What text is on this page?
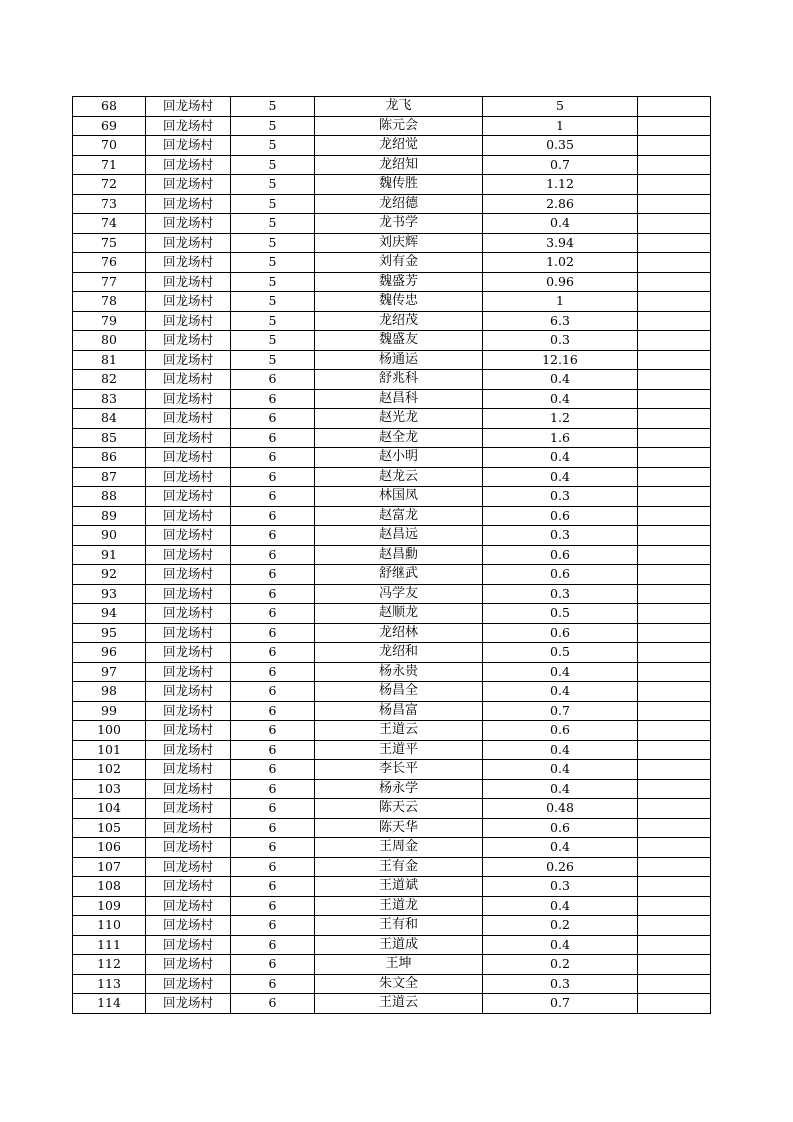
68	回龙场村	5	龙飞	5	
69	回龙场村	5	陈元会	1	
70	回龙场村	5	龙绍觉	0.35	
71	回龙场村	5	龙绍知	0.7	
72	回龙场村	5	魏传胜	1.12	
73	回龙场村	5	龙绍德	2.86	
74	回龙场村	5	龙书学	0.4	
75	回龙场村	5	刘庆辉	3.94	
76	回龙场村	5	刘有金	1.02	
77	回龙场村	5	魏盛芳	0.96	
78	回龙场村	5	魏传忠	1	
79	回龙场村	5	龙绍茂	6.3	
80	回龙场村	5	魏盛友	0.3	
81	回龙场村	5	杨通运	12.16	
82	回龙场村	6	舒兆科	0.4	
83	回龙场村	6	赵昌科	0.4	
84	回龙场村	6	赵光龙	1.2	
85	回龙场村	6	赵全龙	1.6	
86	回龙场村	6	赵小明	0.4	
87	回龙场村	6	赵龙云	0.4	
88	回龙场村	6	林国凤	0.3	
89	回龙场村	6	赵富龙	0.6	
90	回龙场村	6	赵昌远	0.3	
91	回龙场村	6	赵昌勳	0.6	
92	回龙场村	6	舒继武	0.6	
93	回龙场村	6	冯学友	0.3	
94	回龙场村	6	赵顺龙	0.5	
95	回龙场村	6	龙绍林	0.6	
96	回龙场村	6	龙绍和	0.5	
97	回龙场村	6	杨永贵	0.4	
98	回龙场村	6	杨昌全	0.4	
99	回龙场村	6	杨昌富	0.7	
100	回龙场村	6	王道云	0.6	
101	回龙场村	6	王道平	0.4	
102	回龙场村	6	李长平	0.4	
103	回龙场村	6	杨永学	0.4	
104	回龙场村	6	陈天云	0.48	
105	回龙场村	6	陈天华	0.6	
106	回龙场村	6	王周金	0.4	
107	回龙场村	6	王有金	0.26	
108	回龙场村	6	王道斌	0.3	
109	回龙场村	6	王道龙	0.4	
110	回龙场村	6	王有和	0.2	
111	回龙场村	6	王道成	0.4	
112	回龙场村	6	王坤	0.2	
113	回龙场村	6	朱文全	0.3	
114	回龙场村	6	王道云	0.7	
